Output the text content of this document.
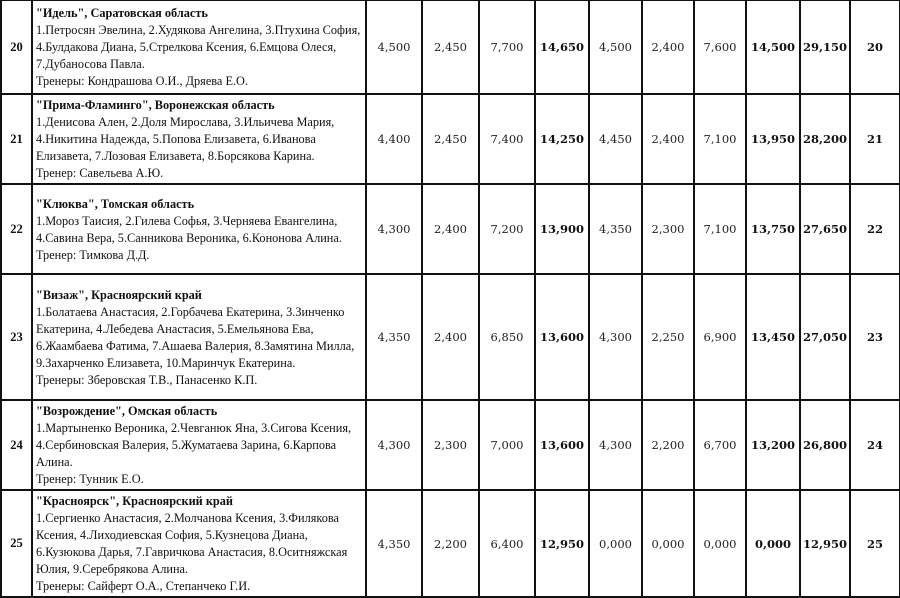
20	"Идель", Саратовская область
1.Петросян Эвелина, 2.Худякова Ангелина, 3.Птухина София, 4.Булдакова Диана, 5.Стрелкова Ксения, 6.Емцова Олеся, 7.Дубаносова Павла.
Тренеры: Кондрашова О.И., Дряева Е.О.	4,500	2,450	7,700	14,650	4,500	2,400	7,600	14,500	29,150	20
21	"Прима-Фламинго", Воронежская область
1.Денисова Ален, 2.Доля Мирослава, 3.Ильичева Мария, 4.Никитина Надежда, 5.Попова Елизавета, 6.Иванова Елизавета, 7.Лозовая Елизавета, 8.Борсякова Карина.
Тренер: Савельева А.Ю.	4,400	2,450	7,400	14,250	4,450	2,400	7,100	13,950	28,200	21
22	"Клюква", Томская область
1.Мороз Таисия, 2.Гилева Софья, 3.Черняева Евангелина, 4.Савина Вера, 5.Санникова Вероника, 6.Кононова Алина.
Тренер: Тимкова Д.Д.	4,300	2,400	7,200	13,900	4,350	2,300	7,100	13,750	27,650	22
23	"Визаж", Красноярский край
1.Болатаева Анастасия, 2.Горбачева Екатерина, 3.Зинченко Екатерина, 4.Лебедева Анастасия, 5.Емельянова Ева, 6.Жаамбаева Фатима, 7.Ашаева Валерия, 8.Замятина Милла, 9.Захарченко Елизавета, 10.Маринчук Екатерина.
Тренеры: Зберовская Т.В., Панасенко К.П.	4,350	2,400	6,850	13,600	4,300	2,250	6,900	13,450	27,050	23
24	"Возрождение", Омская область
1.Мартыненко Вероника, 2.Чевганюк Яна, 3.Сигова Ксения, 4.Сербиновская Валерия, 5.Жуматаева Зарина, 6.Карпова Алина.
Тренер: Тунник Е.О.	4,300	2,300	7,000	13,600	4,300	2,200	6,700	13,200	26,800	24
25	"Красноярск", Красноярский край
1.Сергиенко Анастасия, 2.Молчанова Ксения, 3.Филякова Ксения, 4.Лиходиевская София, 5.Кузнецова Диана, 6.Кузюкова Дарья, 7.Гавричкова Анастасия, 8.Оситняжская Юлия, 9.Серебрякова Алина.
Тренеры: Сайферт О.А., Степанчеко Г.И.	4,350	2,200	6,400	12,950	0,000	0,000	0,000	0,000	12,950	25
